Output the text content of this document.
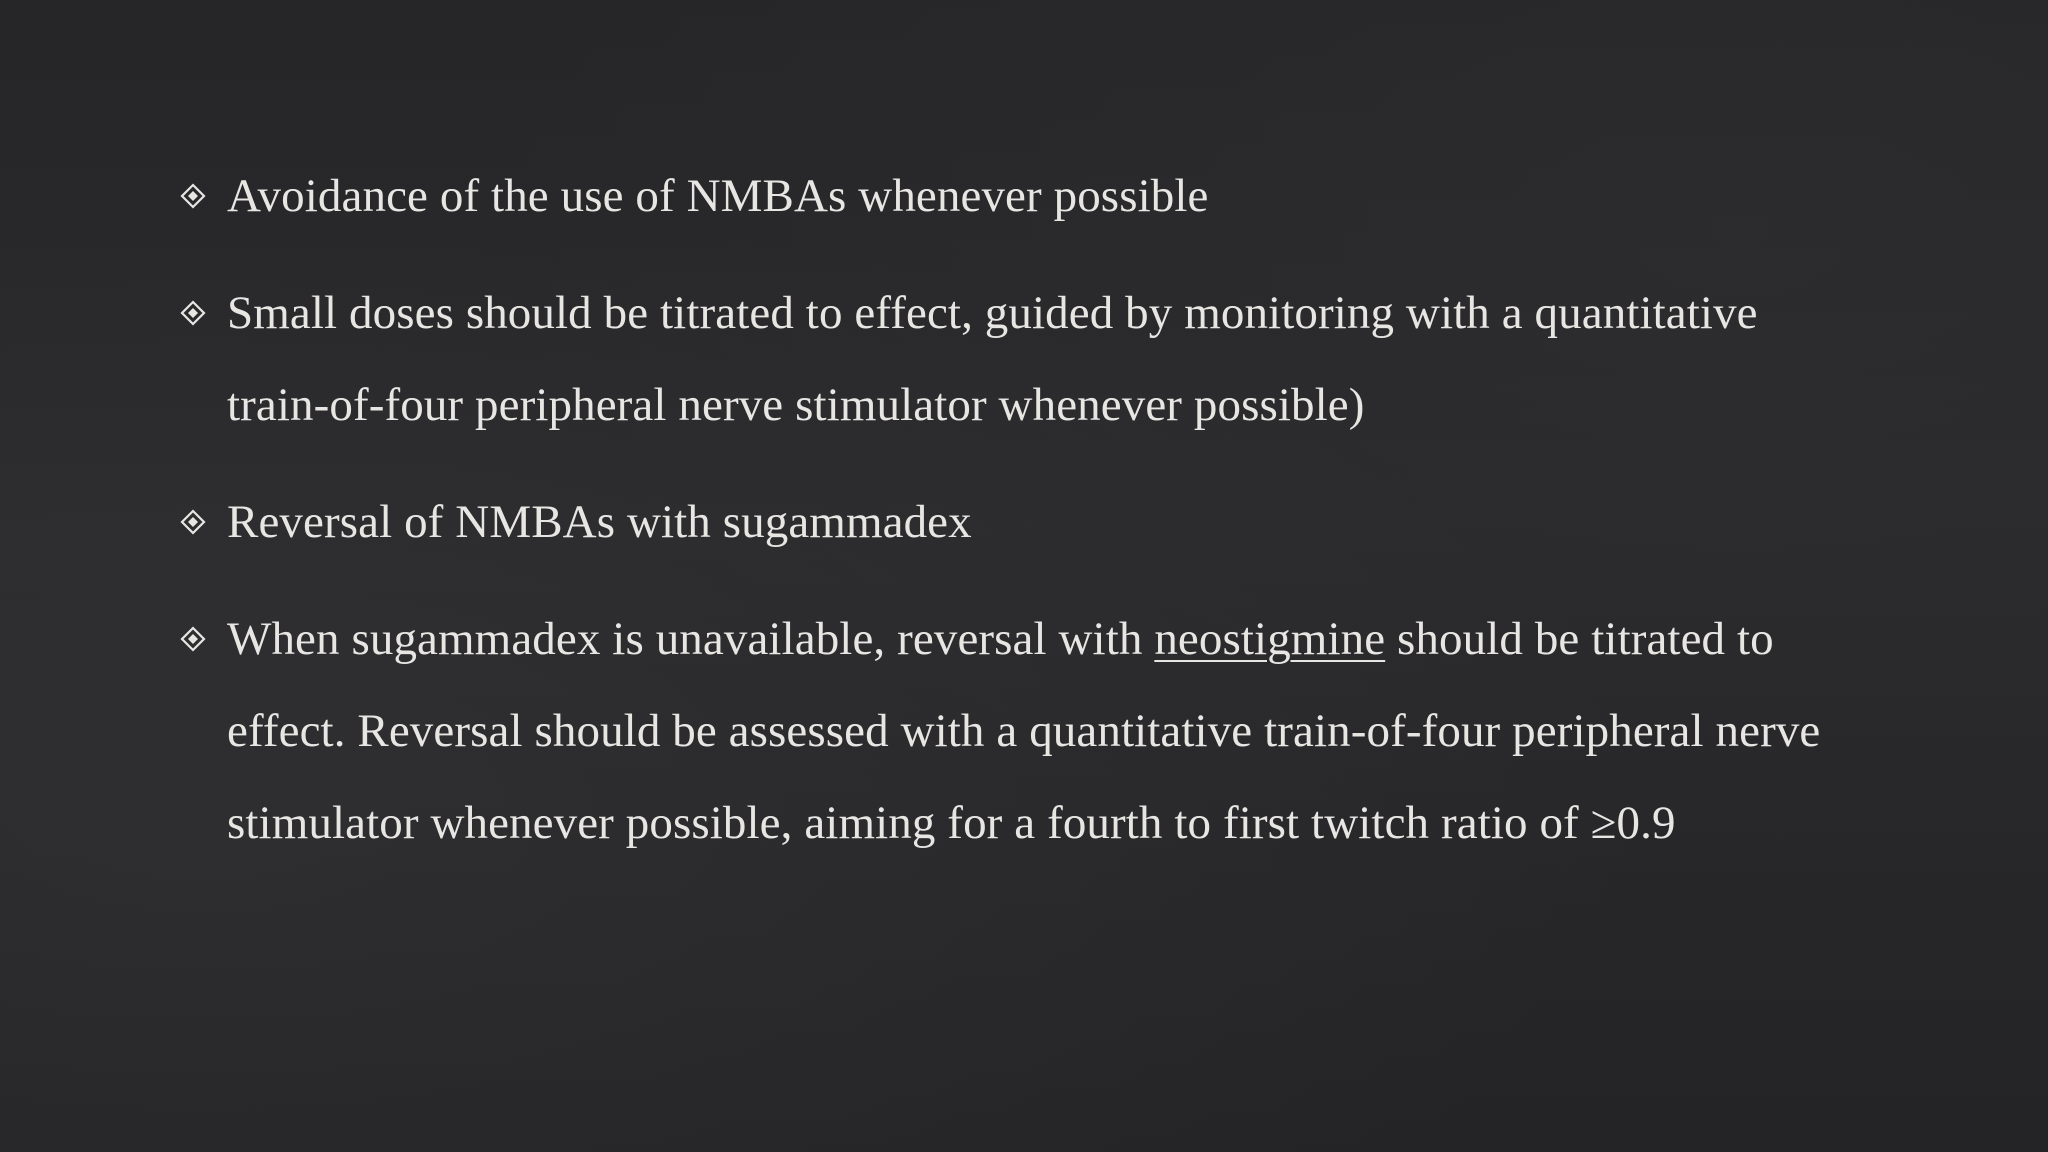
Avoidance of the use of NMBAs whenever possible
Small doses should be titrated to effect, guided by monitoring with a quantitative train-of-four peripheral nerve stimulator whenever possible)
Reversal of NMBAs with sugammadex
When sugammadex is unavailable, reversal with neostigmine should be titrated to effect. Reversal should be assessed with a quantitative train-of-four peripheral nerve stimulator whenever possible, aiming for a fourth to first twitch ratio of ≥0.9
